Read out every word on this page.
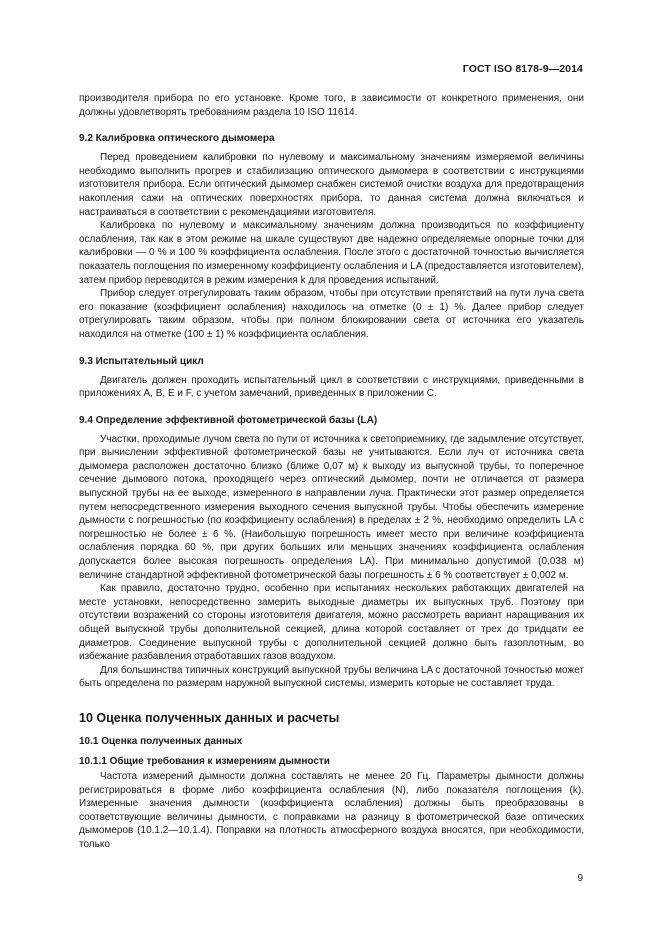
ГОСТ ISO 8178-9—2014

производителя прибора по его установке. Кроме того, в зависимости от конкретного применения, они должны удовлетворять требованиям раздела 10 ISO 11614.

9.2 Калибровка оптического дымомера

Перед проведением калибровки по нулевому и максимальному значениям измеряемой величины необходимо выполнить прогрев и стабилизацию оптического дымомера в соответствии с инструкциями изготовителя прибора. Если оптический дымомер снабжен системой очистки воздуха для предотвращения накопления сажи на оптических поверхностях прибора, то данная система должна включаться и настраиваться в соответствии с рекомендациями изготовителя.

Калибровка по нулевому и максимальному значениям должна производиться по коэффициенту ослабления, так как в этом режиме на шкале существуют две надежно определяемые опорные точки для калибровки — 0 % и 100 % коэффициента ослабления. После этого с достаточной точностью вычисляется показатель поглощения по измеренному коэффициенту ослабления и LA (предоставляется изготовителем), затем прибор переводится в режим измерения k для проведения испытаний.

Прибор следует отрегулировать таким образом, чтобы при отсутствии препятствий на пути луча света его показание (коэффициент ослабления) находилось на отметке (0 ± 1) %. Далее прибор следует отрегулировать таким образом, чтобы при полном блокировании света от источника его указатель находился на отметке (100 ± 1) % коэффициента ослабления.

9.3 Испытательный цикл

Двигатель должен проходить испытательный цикл в соответствии с инструкциями, приведенными в приложениях А, В, Е и F, с учетом замечаний, приведенных в приложении С.

9.4 Определение эффективной фотометрической базы (LA)

Участки, проходимые лучом света по пути от источника к светоприемнику, где задымление отсутствует, при вычислении эффективной фотометрической базы не учитываются. Если луч от источника света дымомера расположен достаточно близко (ближе 0,07 м) к выходу из выпускной трубы, то поперечное сечение дымового потока, проходящего через оптический дымомер, почти не отличается от размера выпускной трубы на ее выходе, измеренного в направлении луча. Практически этот размер определяется путем непосредственного измерения выходного сечения выпускной трубы. Чтобы обеспечить измерение дымности с погрешностью (по коэффициенту ослабления) в пределах ± 2 %, необходимо определить LA с погрешностью не более ± 6 %. (Наибольшую погрешность имеет место при величине коэффициента ослабления порядка 60 %, при других больших или меньших значениях коэффициента ослабления допускается более высокая погрешность определения LA). При минимально допустимой (0,038 м) величине стандартной эффективной фотометрической базы погрешность ± 6 % соответствует ± 0,002 м.

Как правило, достаточно трудно, особенно при испытаниях нескольких работающих двигателей на месте установки, непосредственно замерить выходные диаметры их выпускных труб. Поэтому при отсутствии возражений со стороны изготовителя двигателя, можно рассмотреть вариант наращивания их общей выпускной трубы дополнительной секцией, длина которой составляет от трех до тридцати ее диаметров. Соединение выпускной трубы с дополнительной секцией должно быть газоплотным, во избежание разбавления отработавших газов воздухом.

Для большинства типичных конструкций выпускной трубы величина LA с достаточной точностью может быть определена по размерам наружной выпускной системы, измерить которые не составляет труда.

10 Оценка полученных данных и расчеты
10.1 Оценка полученных данных
10.1.1 Общие требования к измерениям дымности

Частота измерений дымности должна составлять не менее 20 Гц. Параметры дымности должны регистрироваться в форме либо коэффициента ослабления (N), либо показателя поглощения (k). Измеренные значения дымности (коэффициента ослабления) должны быть преобразованы в соответствующие величины дымности, с поправками на разницу в фотометрической базе оптических дымомеров (10.1.2—10.1.4). Поправки на плотность атмосферного воздуха вносятся, при необходимости, только

9
